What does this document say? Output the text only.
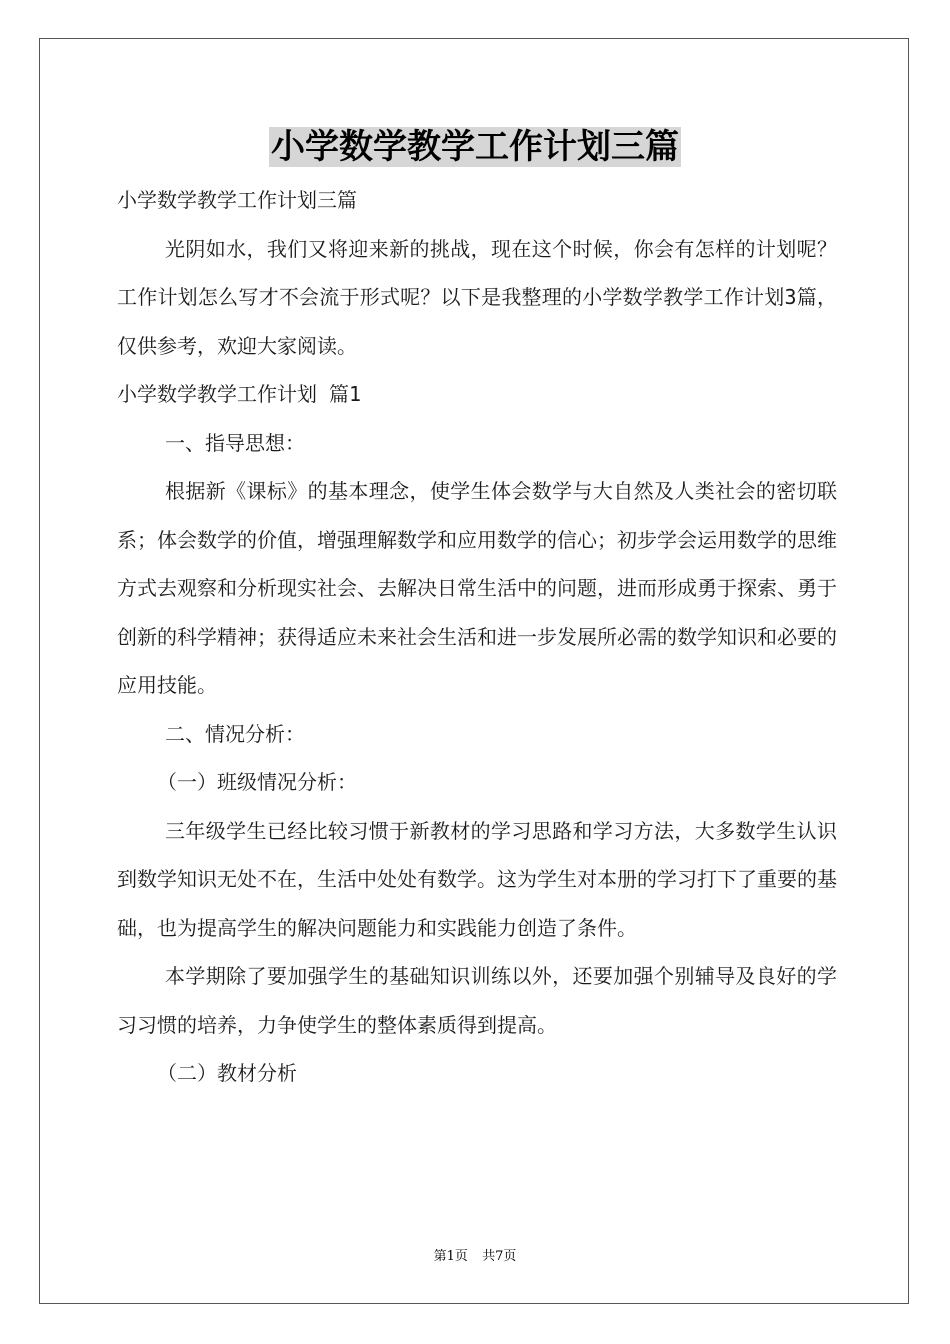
小学数学教学工作计划三篇

小学数学教学工作计划三篇

光阴如水，我们又将迎来新的挑战，现在这个时候，你会有怎样的计划呢？工作计划怎么写才不会流于形式呢？以下是我整理的小学数学教学工作计划3篇，仅供参考，欢迎大家阅读。

小学数学教学工作计划 篇1

一、指导思想：

根据新《课标》的基本理念，使学生体会数学与大自然及人类社会的密切联系；体会数学的价值，增强理解数学和应用数学的信心；初步学会运用数学的思维方式去观察和分析现实社会、去解决日常生活中的问题，进而形成勇于探索、勇于创新的科学精神；获得适应未来社会生活和进一步发展所必需的数学知识和必要的应用技能。

二、情况分析：

（一）班级情况分析：

三年级学生已经比较习惯于新教材的学习思路和学习方法，大多数学生认识到数学知识无处不在，生活中处处有数学。这为学生对本册的学习打下了重要的基础，也为提高学生的解决问题能力和实践能力创造了条件。

本学期除了要加强学生的基础知识训练以外，还要加强个别辅导及良好的学习习惯的培养，力争使学生的整体素质得到提高。

（二）教材分析

第1页 共7页
